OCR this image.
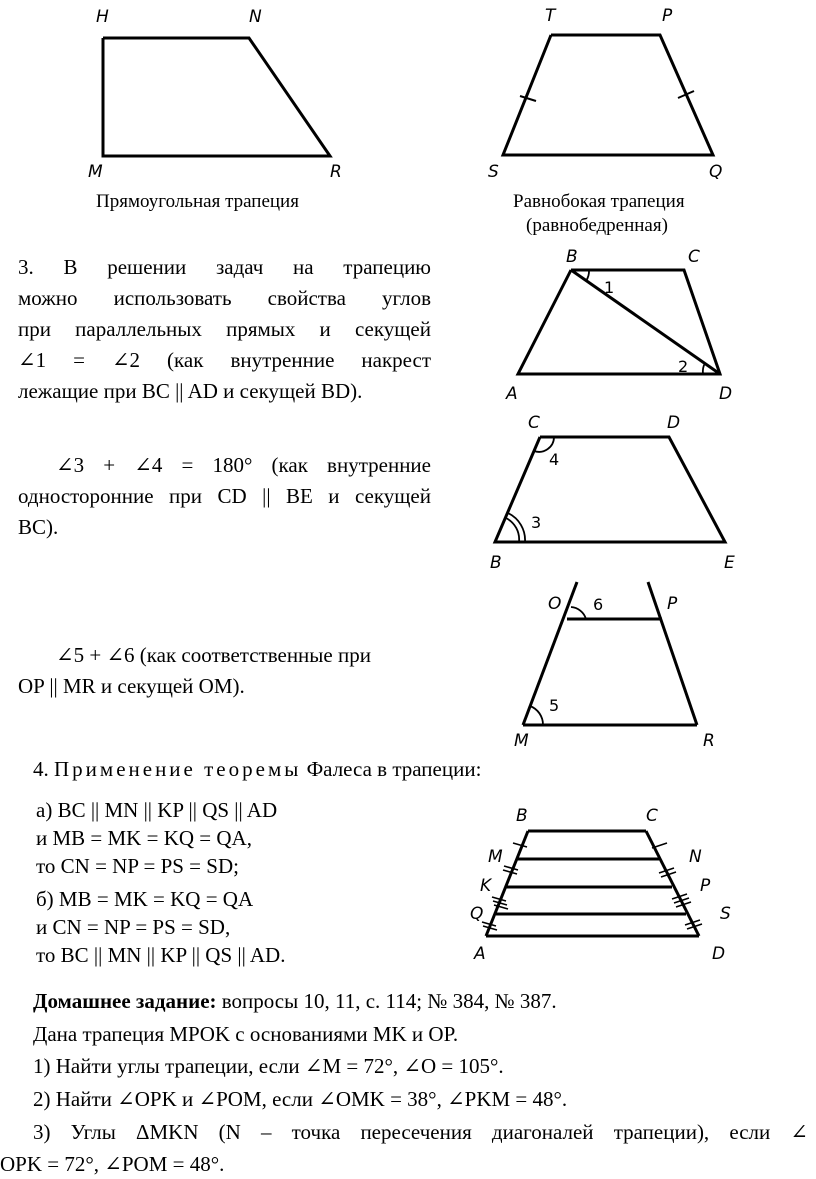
H	N
M	R
Прямоугольная трапеция
T	P
S	Q
Равнобокая трапеция
(равнобедренная)
B	C
A	D
1
2
C	D
B	E
4
3
O	P
M	R
6
5
B	C
M	N
K	P
Q	S
A	D
3. В решении задач на трапецию
можно использовать свойства углов
при параллельных прямых и секущей
∠1 = ∠2 (как внутренние накрест
лежащие при BC || AD и секущей BD).
∠3 + ∠4 = 180° (как внутренние
односторонние при CD || BE и секущей
BC).
∠5 + ∠6 (как соответственные при
OP || MR и секущей OM).
4. Применение теоремы Фалеса в трапеции:
а) BC || MN || KP || QS || AD
и MB = MK = KQ = QA,
то CN = NP = PS = SD;
б) MB = MK = KQ = QA
и CN = NP = PS = SD,
то BC || MN || KP || QS || AD.
Домашнее задание: вопросы 10, 11, с. 114; № 384, № 387.
Дана трапеция MPOK с основаниями MK и OP.
1) Найти углы трапеции, если ∠M = 72°, ∠O = 105°.
2) Найти ∠OPK и ∠POM, если ∠OMK = 38°, ∠PKM = 48°.
3) Углы ΔMKN (N – точка пересечения диагоналей трапеции), если ∠
OPK = 72°, ∠POM = 48°.
